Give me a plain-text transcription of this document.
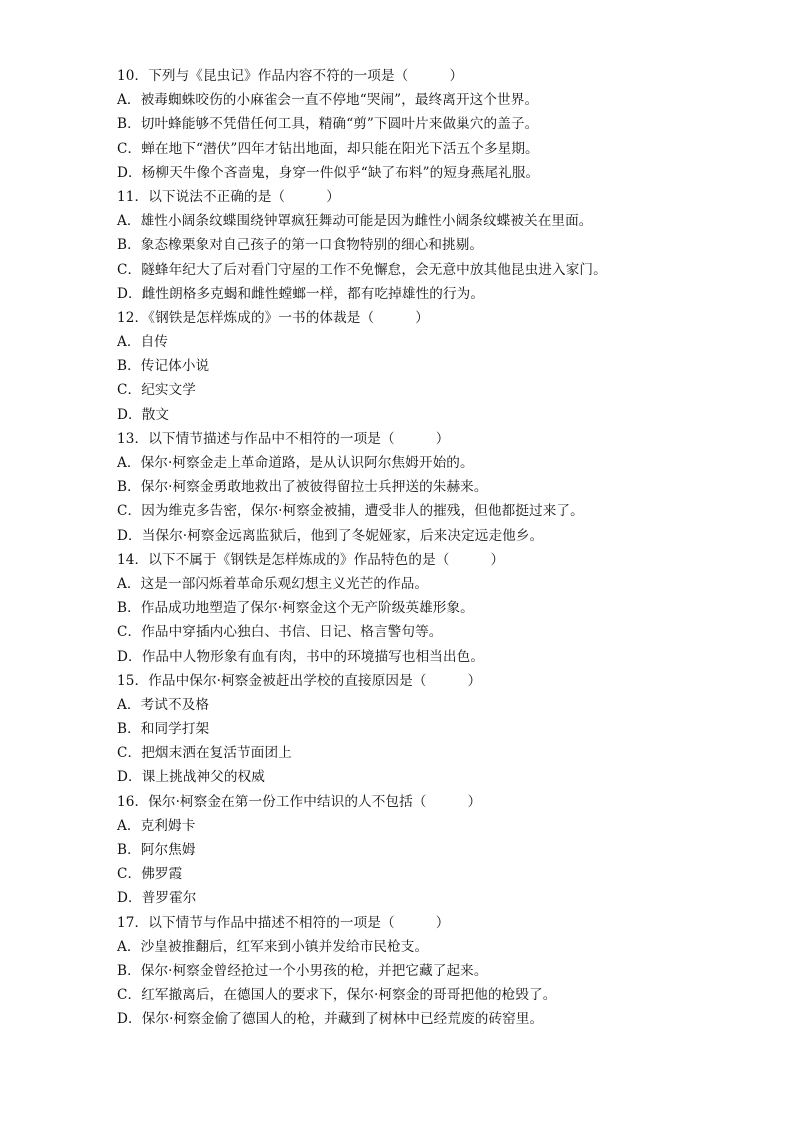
10．下列与《昆虫记》作品内容不符的一项是（　　　）
A．被毒蜘蛛咬伤的小麻雀会一直不停地“哭闹”，最终离开这个世界。
B．切叶蜂能够不凭借任何工具，精确“剪”下圆叶片来做巢穴的盖子。
C．蝉在地下“潜伏”四年才钻出地面，却只能在阳光下活五个多星期。
D．杨柳天牛像个吝啬鬼，身穿一件似乎“缺了布料”的短身燕尾礼服。
11．以下说法不正确的是（　　　）
A．雄性小阔条纹蝶围绕钟罩疯狂舞动可能是因为雌性小阔条纹蝶被关在里面。
B．象态橡栗象对自己孩子的第一口食物特别的细心和挑剔。
C．隧蜂年纪大了后对看门守屋的工作不免懈怠，会无意中放其他昆虫进入家门。
D．雌性朗格多克蝎和雌性螳螂一样，都有吃掉雄性的行为。
12．《钢铁是怎样炼成的》一书的体裁是（　　　）
A．自传
B．传记体小说
C．纪实文学
D．散文
13．以下情节描述与作品中不相符的一项是（　　　）
A．保尔·柯察金走上革命道路，是从认识阿尔焦姆开始的。
B．保尔·柯察金勇敢地救出了被彼得留拉士兵押送的朱赫来。
C．因为维克多告密，保尔·柯察金被捕，遭受非人的摧残，但他都挺过来了。
D．当保尔·柯察金远离监狱后，他到了冬妮娅家，后来决定远走他乡。
14．以下不属于《钢铁是怎样炼成的》作品特色的是（　　　）
A．这是一部闪烁着革命乐观幻想主义光芒的作品。
B．作品成功地塑造了保尔·柯察金这个无产阶级英雄形象。
C．作品中穿插内心独白、书信、日记、格言警句等。
D．作品中人物形象有血有肉，书中的环境描写也相当出色。
15．作品中保尔·柯察金被赶出学校的直接原因是（　　　）
A．考试不及格
B．和同学打架
C．把烟末洒在复活节面团上
D．课上挑战神父的权威
16．保尔·柯察金在第一份工作中结识的人不包括（　　　）
A．克利姆卡
B．阿尔焦姆
C．佛罗霞
D．普罗霍尔
17．以下情节与作品中描述不相符的一项是（　　　）
A．沙皇被推翻后，红军来到小镇并发给市民枪支。
B．保尔·柯察金曾经抢过一个小男孩的枪，并把它藏了起来。
C．红军撤离后，在德国人的要求下，保尔·柯察金的哥哥把他的枪毁了。
D．保尔·柯察金偷了德国人的枪，并藏到了树林中已经荒废的砖窑里。
